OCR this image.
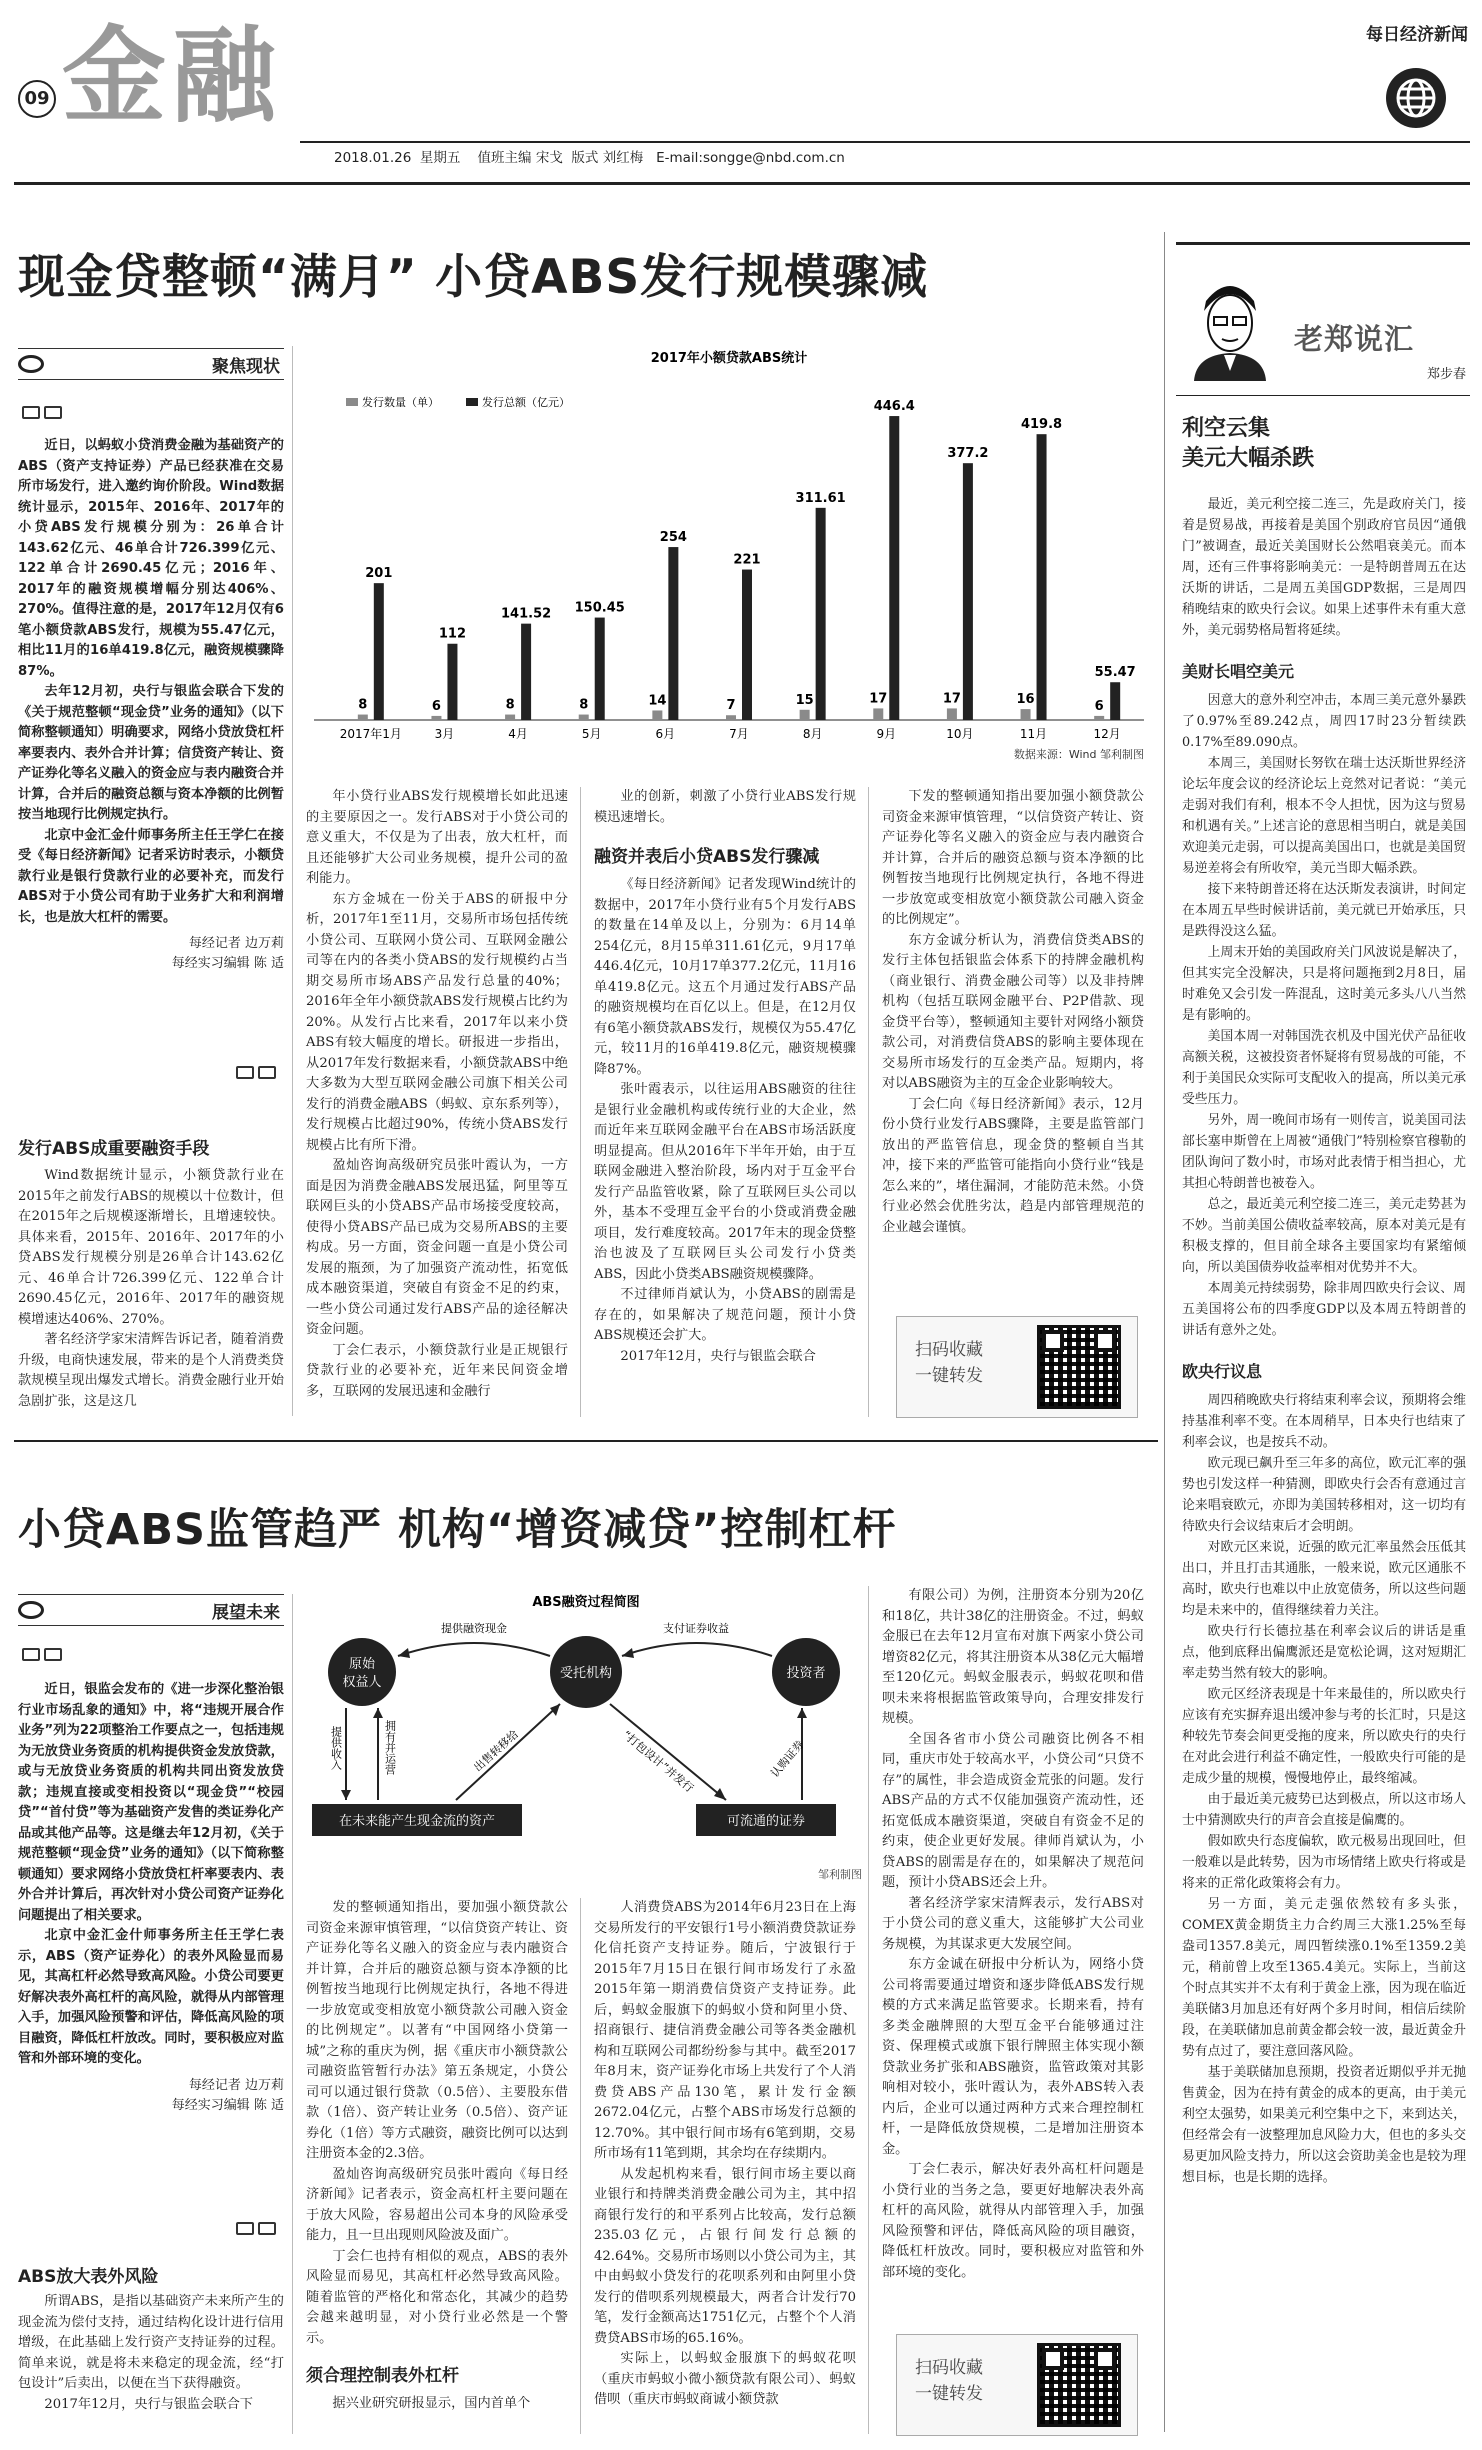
09 金融	每日经济新闻
2018.01.26  星期五    值班主编 宋戈  版式 刘红梅   E-mail:songge@nbd.com.cn
现金贷整顿“满月” 小贷ABS发行规模骤减
聚焦现状

近日，以蚂蚁小贷消费金融为基础资产的ABS（资产支持证券）产品已经获准在交易所市场发行，进入邀约询价阶段。Wind数据统计显示，2015年、2016年、2017年的小贷ABS发行规模分别为：26单合计143.62亿元、46单合计726.399亿元、122单合计2690.45亿元；2016年、2017年的融资规模增幅分别达406%、270%。值得注意的是，2017年12月仅有6笔小额贷款ABS发行，规模为55.47亿元，相比11月的16单419.8亿元，融资规模骤降87%。

去年12月初，央行与银监会联合下发的《关于规范整顿“现金贷”业务的通知》（以下简称整顿通知）明确要求，网络小贷放贷杠杆率要表内、表外合并计算；信贷资产转让、资产证券化等名义融入的资金应与表内融资合并计算，合并后的融资总额与资本净额的比例暂按当地现行比例规定执行。

北京中金汇金什师事务所主任王学仁在接受《每日经济新闻》记者采访时表示，小额贷款行业是银行贷款行业的必要补充，而发行ABS对于小贷公司有助于业务扩大和利润增长，也是放大杠杆的需要。

每经记者 边万莉
每经实习编辑 陈 适
发行ABS成重要融资手段

Wind数据统计显示，小额贷款行业在2015年之前发行ABS的规模以十位数计，但在2015年之后规模逐渐增长，且增速较快。具体来看，2015年、2016年、2017年的小贷ABS发行规模分别是26单合计143.62亿元、46单合计726.399亿元、122单合计2690.45亿元，2016年、2017年的融资规模增速达406%、270%。

著名经济学家宋清辉告诉记者，随着消费升级，电商快速发展，带来的是个人消费类贷款规模呈现出爆发式增长。消费金融行业开始急剧扩张，这是这几

年小贷行业ABS发行规模增长如此迅速的主要原因之一。发行ABS对于小贷公司的意义重大，不仅是为了出表，放大杠杆，而且还能够扩大公司业务规模，提升公司的盈利能力。

东方金城在一份关于ABS的研报中分析，2017年1至11月，交易所市场包括传统小贷公司、互联网小贷公司、互联网金融公司等在内的各类小贷ABS的发行规模约占当期交易所市场ABS产品发行总量的40%；2016年全年小额贷款ABS发行规模占比约为20%。从发行占比来看，2017年以来小贷ABS有较大幅度的增长。研报进一步指出，从2017年发行数据来看，小额贷款ABS中绝大多数为大型互联网金融公司旗下相关公司发行的消费金融ABS（蚂蚁、京东系列等），发行规模占比超过90%，传统小贷ABS发行规模占比有所下滑。

盈灿咨询高级研究员张叶霞认为，一方面是因为消费金融ABS发展迅猛，阿里等互联网巨头的小贷ABS产品市场接受度较高，使得小贷ABS产品已成为交易所ABS的主要构成。另一方面，资金问题一直是小贷公司发展的瓶颈，为了加强资产流动性，拓宽低成本融资渠道，突破自有资金不足的约束，一些小贷公司通过发行ABS产品的途径解决资金问题。

丁会仁表示，小额贷款行业是正规银行贷款行业的必要补充，近年来民间资金增多，互联网的发展迅速和金融行

业的创新，刺激了小贷行业ABS发行规模迅速增长。

融资并表后小贷ABS发行骤减

《每日经济新闻》记者发现Wind统计的数据中，2017年小贷行业有5个月发行ABS的数量在14单及以上，分别为：6月14单254亿元，8月15单311.61亿元，9月17单446.4亿元，10月17单377.2亿元，11月16单419.8亿元。这五个月通过发行ABS产品的融资规模均在百亿以上。但是，在12月仅有6笔小额贷款ABS发行，规模仅为55.47亿元，较11月的16单419.8亿元，融资规模骤降87%。

张叶霞表示，以往运用ABS融资的往往是银行业金融机构或传统行业的大企业，然而近年来互联网金融平台在ABS市场活跃度明显提高。但从2016年下半年开始，由于互联网金融进入整治阶段，场内对于互金平台发行产品监管收紧，除了互联网巨头公司以外，基本不受理互金平台的小贷或消费金融项目，发行难度较高。2017年末的现金贷整治也波及了互联网巨头公司发行小贷类ABS，因此小贷类ABS融资规模骤降。

不过律师肖斌认为，小贷ABS的剧需是存在的，如果解决了规范问题，预计小贷ABS规模还会扩大。

2017年12月，央行与银监会联合

下发的整顿通知指出要加强小额贷款公司资金来源审慎管理，“以信贷资产转让、资产证券化等名义融入的资金应与表内融资合并计算，合并后的融资总额与资本净额的比例暂按当地现行比例规定执行，各地不得进一步放宽或变相放宽小额贷款公司融入资金的比例规定”。

东方金诚分析认为，消费信贷类ABS的发行主体包括银监会体系下的持牌金融机构（商业银行、消费金融公司等）以及非持牌机构（包括互联网金融平台、P2P借款、现金贷平台等），整顿通知主要针对网络小额贷款公司，对消费信贷ABS的影响主要体现在交易所市场发行的互金类产品。短期内，将对以ABS融资为主的互金企业影响较大。

丁会仁向《每日经济新闻》表示，12月份小贷行业发行ABS骤降，主要是监管部门放出的严监管信息，现金贷的整顿自当其冲，接下来的严监管可能指向小贷行业“钱是怎么来的”，堵住漏洞，才能防范未然。小贷行业必然会优胜劣汰，趋是内部管理规范的企业越会谨慎。

扫码收藏
一键转发
2017年小额贷款ABS统计
发行数量（单）	发行总额（亿元）
8
201
2017年1月
6
112
3月
8
141.52
4月
8
150.45
5月
14
254
6月
7
221
7月
15
311.61
8月
17
446.4
9月
17
377.2
10月
16
419.8
11月
6
55.47
12月
数据来源：Wind 邹利制图
小贷ABS监管趋严 机构“增资减贷”控制杠杆
展望未来

近日，银监会发布的《进一步深化整治银行业市场乱象的通知》中，将“违规开展合作业务”列为22项整治工作要点之一，包括违规为无放贷业务资质的机构提供资金发放贷款，或与无放贷业务资质的机构共同出资发放贷款；违规直接或变相投资以“现金贷”“校园贷”“首付贷”等为基础资产发售的类证券化产品或其他产品等。这是继去年12月初，《关于规范整顿“现金贷”业务的通知》（以下简称整顿通知）要求网络小贷放贷杠杆率要表内、表外合并计算后，再次针对小贷公司资产证券化问题提出了相关要求。

北京中金汇金什师事务所主任王学仁表示，ABS（资产证券化）的表外风险显而易见，其高杠杆必然导致高风险。小贷公司要更好解决表外高杠杆的高风险，就得从内部管理入手，加强风险预警和评估，降低高风险的项目融资，降低杠杆放改。同时，要积极应对监管和外部环境的变化。

每经记者 边万莉
每经实习编辑 陈 适
ABS放大表外风险

所谓ABS，是指以基础资产未来所产生的现金流为偿付支持，通过结构化设计进行信用增级，在此基础上发行资产支持证券的过程。简单来说，就是将未来稳定的现金流，经“打包设计”后卖出，以便在当下获得融资。

2017年12月，央行与银监会联合下

ABS融资过程简图
原始
权益人
受托机构	投资者
在未来能产生现金流的资产	可流通的证券
提供融资现金	支付证券收益
提供收入	拥有并运营	出售转移给	“打包设计”并发行	认购证券
邹利制图

发的整顿通知指出，要加强小额贷款公司资金来源审慎管理，“以信贷资产转让、资产证券化等名义融入的资金应与表内融资合并计算，合并后的融资总额与资本净额的比例暂按当地现行比例规定执行，各地不得进一步放宽或变相放宽小额贷款公司融入资金的比例规定”。以著有“中国网络小贷第一城”之称的重庆为例，据《重庆市小额贷款公司融资监管暂行办法》第五条规定，小贷公司可以通过银行贷款（0.5倍）、主要股东借款（1倍）、资产转让业务（0.5倍）、资产证券化（1倍）等方式融资，融资比例可以达到注册资本金的2.3倍。

盈灿咨询高级研究员张叶霞向《每日经济新闻》记者表示，资金高杠杆主要问题在于放大风险，容易超出公司本身的风险承受能力，且一旦出现则风险波及面广。

丁会仁也持有相似的观点，ABS的表外风险显而易见，其高杠杆必然导致高风险。随着监管的严格化和常态化，其减少的趋势会越来越明显，对小贷行业必然是一个警示。

须合理控制表外杠杆

据兴业研究研报显示，国内首单个

人消费贷ABS为2014年6月23日在上海交易所发行的平安银行1号小额消费贷款证券化信托资产支持证券。随后，宁波银行于2015年7月15日在银行间市场发行了永盈2015年第一期消费信贷资产支持证券。此后，蚂蚁金服旗下的蚂蚁小贷和阿里小贷、招商银行、捷信消费金融公司等各类金融机构和互联网公司都纷纷参与其中。截至2017年8月末，资产证券化市场上共发行了个人消费贷ABS产品130笔，累计发行金额2672.04亿元，占整个ABS市场发行总额的12.70%。其中银行间市场有6笔到期，交易所市场有11笔到期，其余均在存续期内。

从发起机构来看，银行间市场主要以商业银行和持牌类消费金融公司为主，其中招商银行发行的和平系列占比较高，发行总额235.03亿元，占银行间发行总额的42.64%。交易所市场则以小贷公司为主，其中由蚂蚁小贷发行的花呗系列和由阿里小贷发行的借呗系列规模最大，两者合计发行70笔，发行金额高达1751亿元，占整个个人消费贷ABS市场的65.16%。

实际上，以蚂蚁金服旗下的蚂蚁花呗（重庆市蚂蚁小微小额贷款有限公司）、蚂蚁借呗（重庆市蚂蚁商诚小额贷款

有限公司）为例，注册资本分别为20亿和18亿，共计38亿的注册资金。不过，蚂蚁金服已在去年12月宣布对旗下两家小贷公司增资82亿元，将其注册资本从38亿元大幅增至120亿元。蚂蚁金服表示，蚂蚁花呗和借呗未来将根据监管政策导向，合理安排发行规模。

全国各省市小贷公司融资比例各不相同，重庆市处于较高水平，小贷公司“只贷不存”的属性，非会造成资金荒张的问题。发行ABS产品的方式不仅能加强资产流动性，还拓宽低成本融资渠道，突破自有资金不足的约束，使企业更好发展。律师肖斌认为，小贷ABS的剧需是存在的，如果解决了规范问题，预计小贷ABS还会上升。

著名经济学家宋清辉表示，发行ABS对于小贷公司的意义重大，这能够扩大公司业务规模，为其谋求更大发展空间。

东方金诚在研报中分析认为，网络小贷公司将需要通过增资和逐步降低ABS发行规模的方式来满足监管要求。长期来看，持有多类金融牌照的大型互金平台能够通过注资、保理模式或旗下银行牌照主体实现小额贷款业务扩张和ABS融资，监管政策对其影响相对较小，张叶霞认为，表外ABS转入表内后，企业可以通过两种方式来合理控制杠杆，一是降低放贷规模，二是增加注册资本金。

丁会仁表示，解决好表外高杠杆问题是小贷行业的当务之急，要更好地解决表外高杠杆的高风险，就得从内部管理入手，加强风险预警和评估，降低高风险的项目融资，降低杠杆放改。同时，要积极应对监管和外部环境的变化。

扫码收藏
一键转发
老郑说汇
郑步春
利空云集
美元大幅杀跌

最近，美元利空接二连三，先是政府关门，接着是贸易战，再接着是美国个别政府官员因“通俄门”被调查，最近关美国财长公然唱衰美元。而本周，还有三件事将影响美元：一是特朗普周五在达沃斯的讲话，二是周五美国GDP数据，三是周四稍晚结束的欧央行会议。如果上述事件未有重大意外，美元弱势格局暂将延续。

美财长唱空美元

因意大的意外利空冲击，本周三美元意外暴跌了0.97%至89.242点，周四17时23分暂续跌0.17%至89.090点。

本周三，美国财长努钦在瑞士达沃斯世界经济论坛年度会议的经济论坛上竞然对记者说：“美元走弱对我们有利，根本不令人担忧，因为这与贸易和机遇有关。”上述言论的意思相当明白，就是美国欢迎美元走弱，可以提高美国出口，也就是美国贸易逆差将会有所收窄，美元当即大幅杀跌。

接下来特朗普还将在达沃斯发表演讲，时间定在本周五早些时候讲话前，美元就已开始承压，只是跌得没这么猛。

上周末开始的美国政府关门风波说是解决了，但其实完全没解决，只是将问题拖到2月8日，届时难免又会引发一阵混乱，这时美元多头八八当然是有影响的。

美国本周一对韩国洗衣机及中国光伏产品征收高额关税，这被投资者怀疑将有贸易战的可能，不利于美国民众实际可支配收入的提高，所以美元承受些压力。

另外，周一晚间市场有一则传言，说美国司法部长塞申斯曾在上周被“通俄门”特别检察官穆勒的团队询问了数小时，市场对此表情于相当担心，尤其担心特朗普也被卷入。

总之，最近美元利空接二连三，美元走势甚为不妙。当前美国公债收益率较高，原本对美元是有积极支撑的，但目前全球各主要国家均有紧缩倾向，所以美国债券收益率相对优势并不大。

本周美元持续弱势，除非周四欧央行会议、周五美国将公布的四季度GDP以及本周五特朗普的讲话有意外之处。

欧央行议息

周四稍晚欧央行将结束利率会议，预期将会维持基准利率不变。在本周稍早，日本央行也结束了利率会议，也是按兵不动。

欧元现已飙升至三年多的高位，欧元汇率的强势也引发这样一种猜测，即欧央行会否有意通过言论来唱衰欧元，亦即为美国转移相对，这一切均有待欧央行会议结束后才会明朗。

对欧元区来说，近强的欧元汇率虽然会压低其出口，并且打击其通胀，一般来说，欧元区通胀不高时，欧央行也难以中止放宽债务，所以这些问题均是未来中的，值得继续着力关注。

欧央行行长德拉基在利率会议后的讲话是重点，他到底释出偏鹰派还是宽松论调，这对短期汇率走势当然有较大的影响。

欧元区经济表现是十年来最佳的，所以欧央行应该有充实摒弃退出缓冲参与考的长汇时，只是这种较先节奏会间更受拖的度来，所以欧央行的央行在对此会进行利益不确定性，一般欧央行可能的是走成少量的规模，慢慢地停止，最终缩减。

由于最近美元疲势已达到极点，所以这市场人士中猜测欧央行的声音会直接是偏鹰的。

假如欧央行态度偏软，欧元极易出现回吐，但一般难以是此转势，因为市场情绪上欧央行将或是将来的正常化政策将会有力。

另一方面，美元走强依然较有多头张，COMEX黄金期货主力合约周三大涨1.25%至每盎司1357.8美元，周四暂续涨0.1%至1359.2美元，稍前曾上攻至1365.4美元。实际上，当前这个时点其实并不太有利于黄金上涨，因为现在临近美联储3月加息还有好两个多月时间，相信后续阶段，在美联储加息前黄金都会较一波，最近黄金升势有点过了，要注意回落风险。

基于美联储加息预期，投资者近期似乎并无抛售黄金，因为在持有黄金的成本的更高，由于美元利空太强势，如果美元利空集中之下，来到达关，但经常会有一波整理加息风险力大，但也的多头交易更加风险支持力，所以这会资助美金也是较为理想目标，也是长期的选择。
